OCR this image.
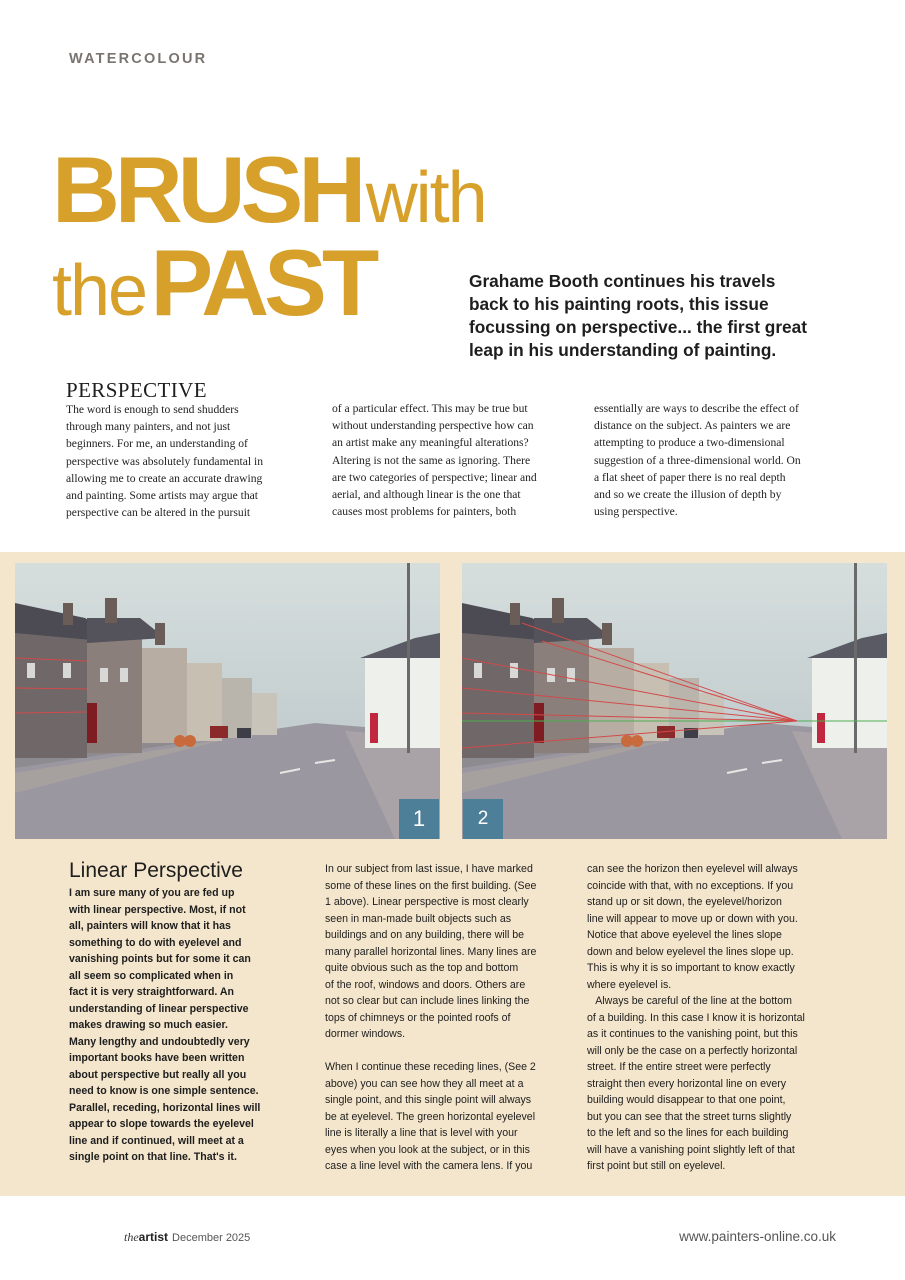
WATERCOLOUR
BRUSH with
the PAST	Grahame Booth continues his travels
back to his painting roots, this issue
focussing on perspective... the first great
leap in his understanding of painting.
PERSPECTIVE
The word is enough to send shudders
through many painters, and not just
beginners. For me, an understanding of
perspective was absolutely fundamental in
allowing me to create an accurate drawing
and painting. Some artists may argue that
perspective can be altered in the pursuit
of a particular effect. This may be true but
without understanding perspective how can
an artist make any meaningful alterations?
Altering is not the same as ignoring. There
are two categories of perspective; linear and
aerial, and although linear is the one that
causes most problems for painters, both
essentially are ways to describe the effect of
distance on the subject. As painters we are
attempting to produce a two-dimensional
suggestion of a three-dimensional world. On
a flat sheet of paper there is no real depth
and so we create the illusion of depth by
using perspective.
1	2
Linear Perspective
I am sure many of you are fed up
with linear perspective. Most, if not
all, painters will know that it has
something to do with eyelevel and
vanishing points but for some it can
all seem so complicated when in
fact it is very straightforward. An
understanding of linear perspective
makes drawing so much easier.
Many lengthy and undoubtedly very
important books have been written
about perspective but really all you
need to know is one simple sentence.
Parallel, receding, horizontal lines will
appear to slope towards the eyelevel
line and if continued, will meet at a
single point on that line. That's it.
In our subject from last issue, I have marked
some of these lines on the first building. (See
1 above). Linear perspective is most clearly
seen in man-made built objects such as
buildings and on any building, there will be
many parallel horizontal lines. Many lines are
quite obvious such as the top and bottom
of the roof, windows and doors. Others are
not so clear but can include lines linking the
tops of chimneys or the pointed roofs of
dormer windows.
When I continue these receding lines, (See 2
above) you can see how they all meet at a
single point, and this single point will always
be at eyelevel. The green horizontal eyelevel
line is literally a line that is level with your
eyes when you look at the subject, or in this
case a line level with the camera lens. If you
can see the horizon then eyelevel will always
coincide with that, with no exceptions. If you
stand up or sit down, the eyelevel/horizon
line will appear to move up or down with you.
Notice that above eyelevel the lines slope
down and below eyelevel the lines slope up.
This is why it is so important to know exactly
where eyelevel is.
Always be careful of the line at the bottom
of a building. In this case I know it is horizontal
as it continues to the vanishing point, but this
will only be the case on a perfectly horizontal
street. If the entire street were perfectly
straight then every horizontal line on every
building would disappear to that one point,
but you can see that the street turns slightly
to the left and so the lines for each building
will have a vanishing point slightly left of that
first point but still on eyelevel.
theartist December 2025	www.painters-online.co.uk
